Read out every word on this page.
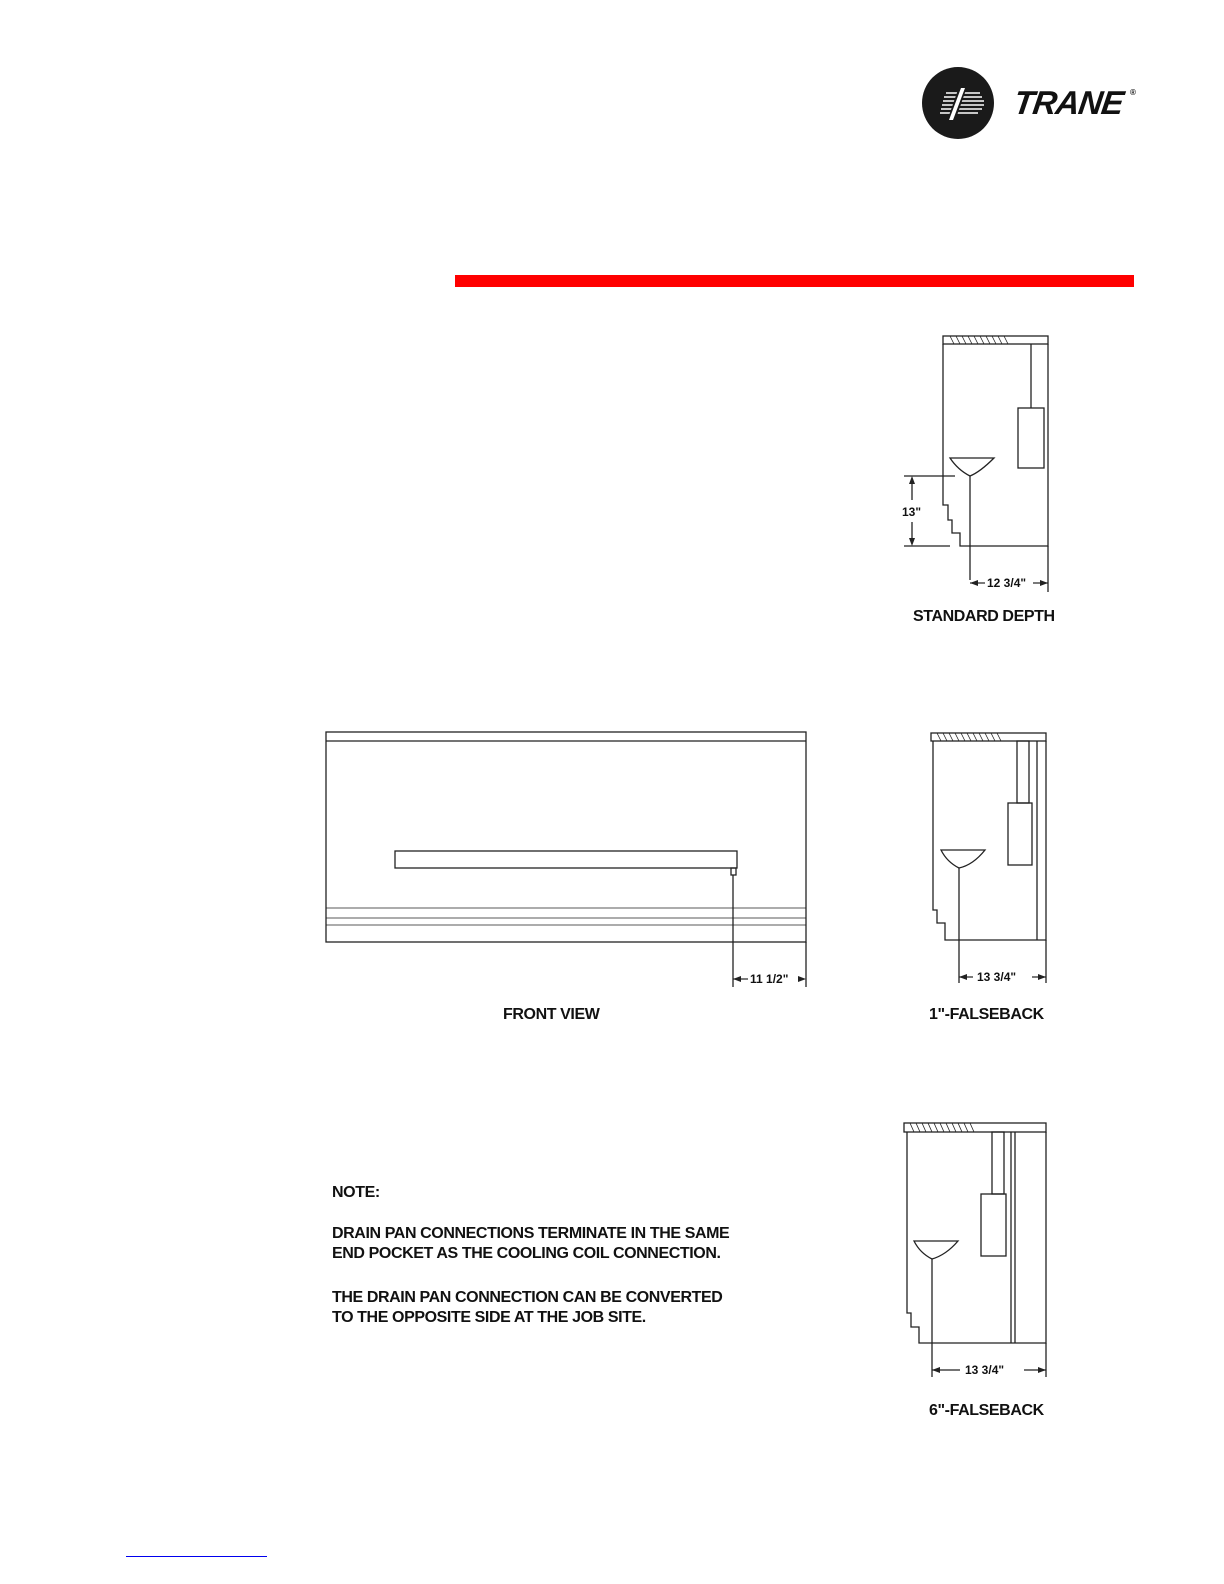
TRANE ®
13"
12 3/4"
STANDARD DEPTH
11 1/2"
FRONT VIEW
13 3/4"
1"-FALSEBACK
NOTE:
DRAIN PAN CONNECTIONS TERMINATE IN THE SAME
END POCKET AS THE COOLING COIL CONNECTION.
THE DRAIN PAN CONNECTION CAN BE CONVERTED
TO THE OPPOSITE SIDE AT THE JOB SITE.
13 3/4"
6"-FALSEBACK
